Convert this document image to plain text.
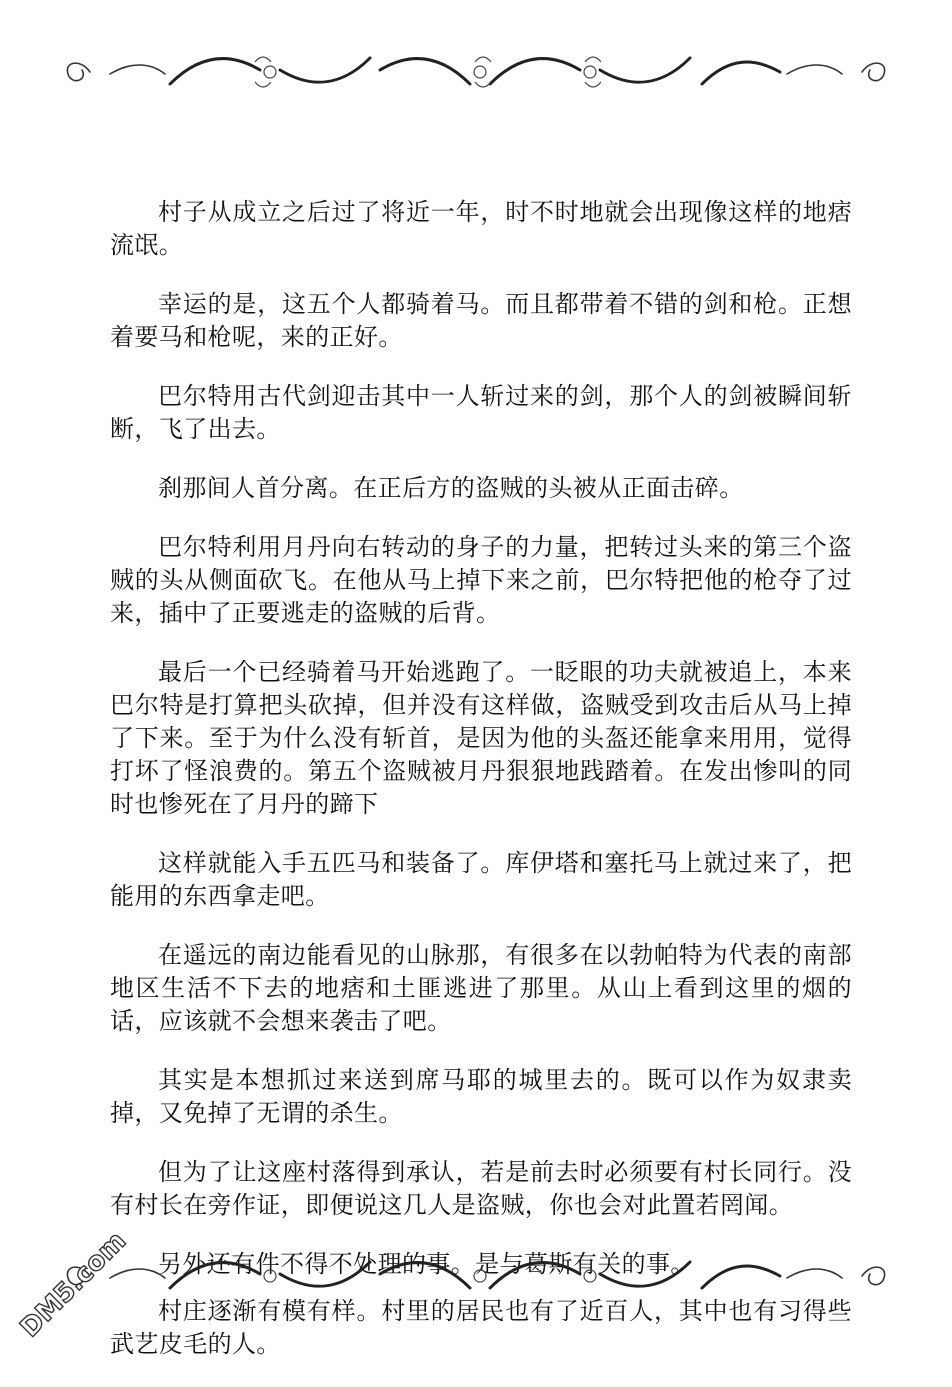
村子从成立之后过了将近一年，时不时地就会出现像这样的地痞流氓。

幸运的是，这五个人都骑着马。而且都带着不错的剑和枪。正想着要马和枪呢，来的正好。

巴尔特用古代剑迎击其中一人斩过来的剑，那个人的剑被瞬间斩断，飞了出去。

刹那间人首分离。在正后方的盗贼的头被从正面击碎。

巴尔特利用月丹向右转动的身子的力量，把转过头来的第三个盗贼的头从侧面砍飞。在他从马上掉下来之前，巴尔特把他的枪夺了过来，插中了正要逃走的盗贼的后背。

最后一个已经骑着马开始逃跑了。一眨眼的功夫就被追上，本来巴尔特是打算把头砍掉，但并没有这样做，盗贼受到攻击后从马上掉了下来。至于为什么没有斩首，是因为他的头盔还能拿来用用，觉得打坏了怪浪费的。第五个盗贼被月丹狠狠地践踏着。在发出惨叫的同时也惨死在了月丹的蹄下

这样就能入手五匹马和装备了。库伊塔和塞托马上就过来了，把能用的东西拿走吧。

在遥远的南边能看见的山脉那，有很多在以勃帕特为代表的南部地区生活不下去的地痞和土匪逃进了那里。从山上看到这里的烟的话，应该就不会想来袭击了吧。

其实是本想抓过来送到席马耶的城里去的。既可以作为奴隶卖掉，又免掉了无谓的杀生。

但为了让这座村落得到承认，若是前去时必须要有村长同行。没有村长在旁作证，即便说这几人是盗贼，你也会对此置若罔闻。

另外还有件不得不处理的事。是与葛斯有关的事。

村庄逐渐有模有样。村里的居民也有了近百人，其中也有习得些武艺皮毛的人。

DM5.com
